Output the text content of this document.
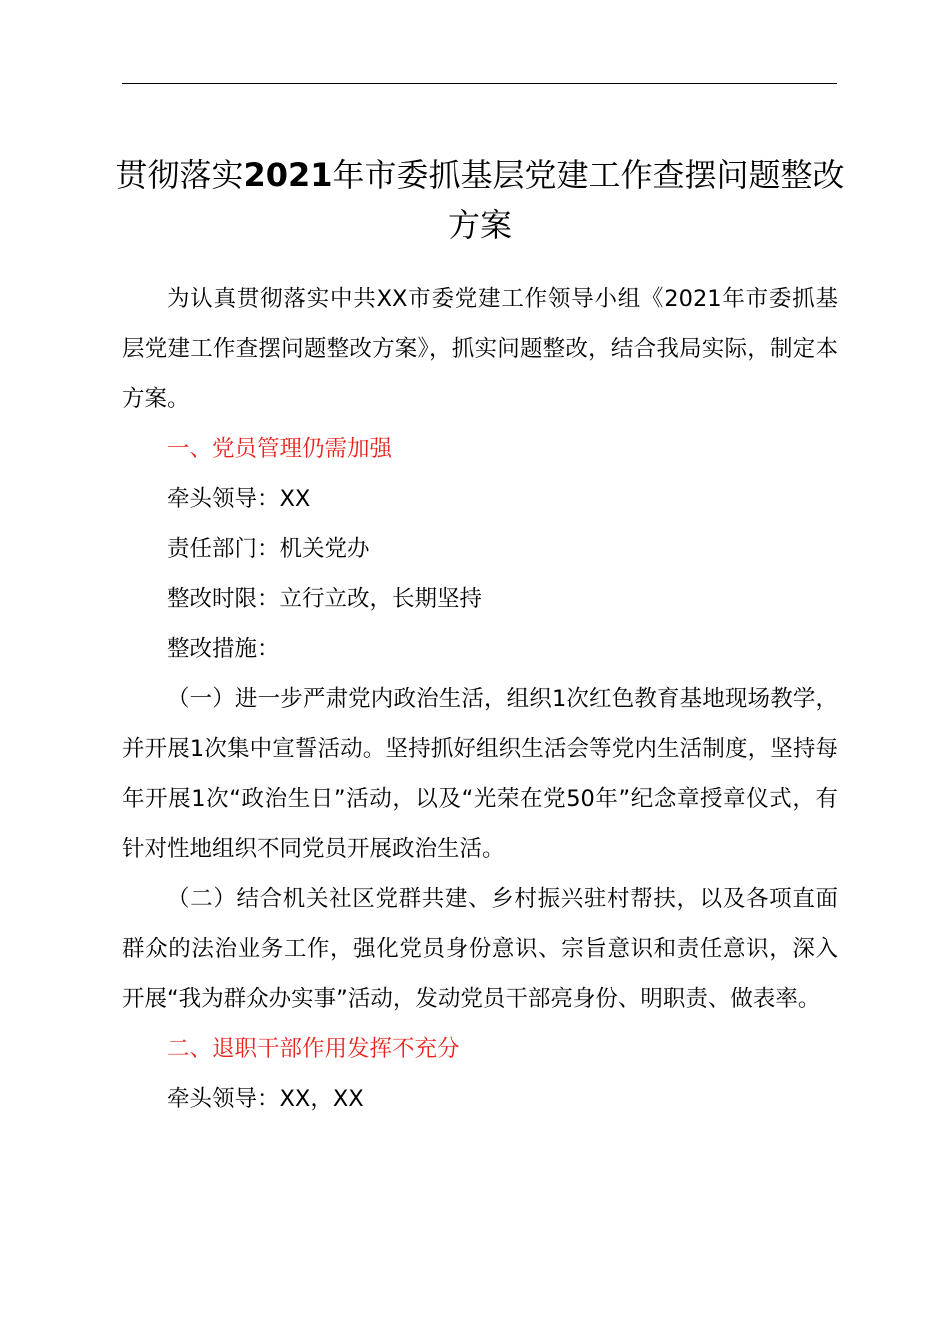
贯彻落实2021年市委抓基层党建工作查摆问题整改方案

为认真贯彻落实中共XX市委党建工作领导小组《2021年市委抓基层党建工作查摆问题整改方案》，抓实问题整改，结合我局实际，制定本方案。

一、党员管理仍需加强

牵头领导：XX

责任部门：机关党办

整改时限：立行立改，长期坚持

整改措施：

（一）进一步严肃党内政治生活，组织1次红色教育基地现场教学，并开展1次集中宣誓活动。坚持抓好组织生活会等党内生活制度，坚持每年开展1次“政治生日”活动，以及“光荣在党50年”纪念章授章仪式，有针对性地组织不同党员开展政治生活。

（二）结合机关社区党群共建、乡村振兴驻村帮扶，以及各项直面群众的法治业务工作，强化党员身份意识、宗旨意识和责任意识，深入开展“我为群众办实事”活动，发动党员干部亮身份、明职责、做表率。

二、退职干部作用发挥不充分

牵头领导：XX，XX
